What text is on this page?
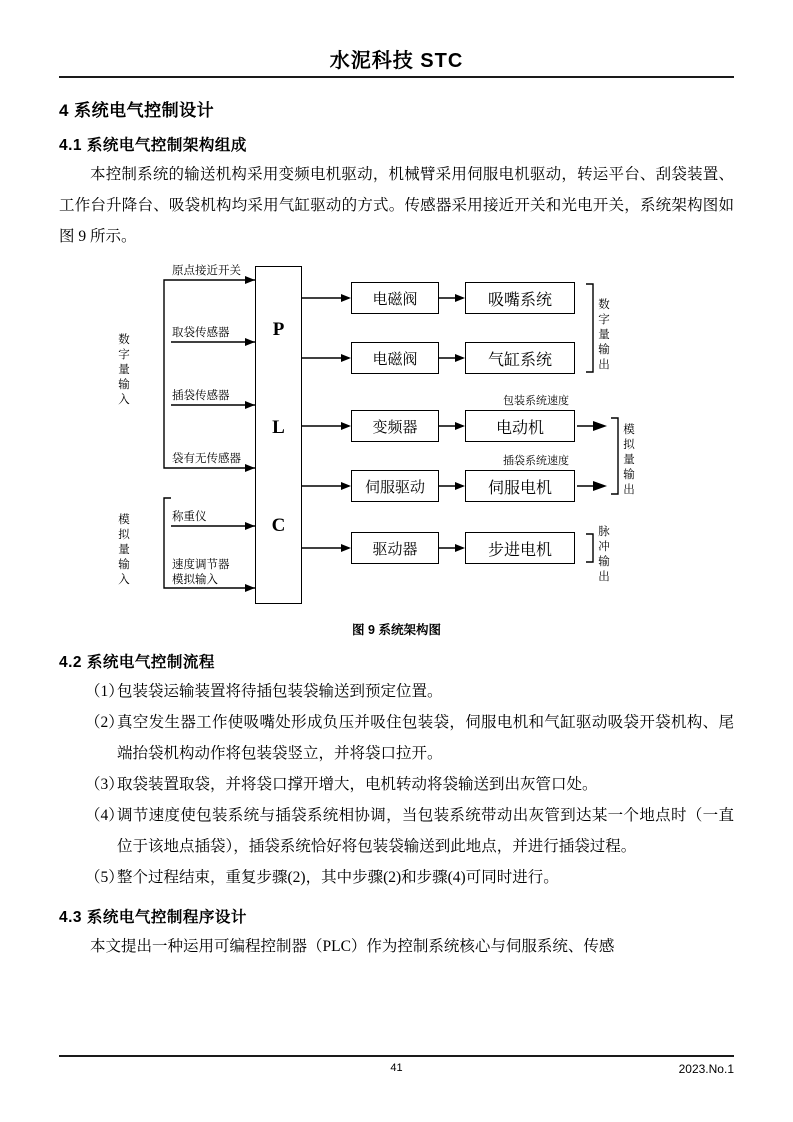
水泥科技 STC
4 系统电气控制设计
4.1 系统电气控制架构组成

本控制系统的输送机构采用变频电机驱动，机械臂采用伺服电机驱动，转运平台、刮袋装置、工作台升降台、吸袋机构均采用气缸驱动的方式。传感器采用接近开关和光电开关，系统架构图如图 9 所示。

P
L
C
数字量输入
模拟量输入
原点接近开关
取袋传感器
插袋传感器
袋有无传感器
称重仪
速度调节器
模拟输入
电磁阀
电磁阀
变频器
伺服驱动
驱动器
吸嘴系统
气缸系统
电动机
伺服电机
步进电机
包装系统速度
插袋系统速度
数字量输出
模拟量输出
脉冲输出
图 9 系统架构图
4.2 系统电气控制流程
（1）
包装袋运输装置将待插包装袋输送到预定位置。
（2）
真空发生器工作使吸嘴处形成负压并吸住包装袋，伺服电机和气缸驱动吸袋开袋机构、尾端抬袋机构动作将包装袋竖立，并将袋口拉开。
（3）
取袋装置取袋，并将袋口撑开增大，电机转动将袋输送到出灰管口处。
（4）
调节速度使包装系统与插袋系统相协调，当包装系统带动出灰管到达某一个地点时（一直位于该地点插袋），插袋系统恰好将包装袋输送到此地点，并进行插袋过程。
（5）
整个过程结束，重复步骤(2)，其中步骤(2)和步骤(4)可同时进行。
4.3 系统电气控制程序设计

本文提出一种运用可编程控制器（PLC）作为控制系统核心与伺服系统、传感

41	2023.No.1
